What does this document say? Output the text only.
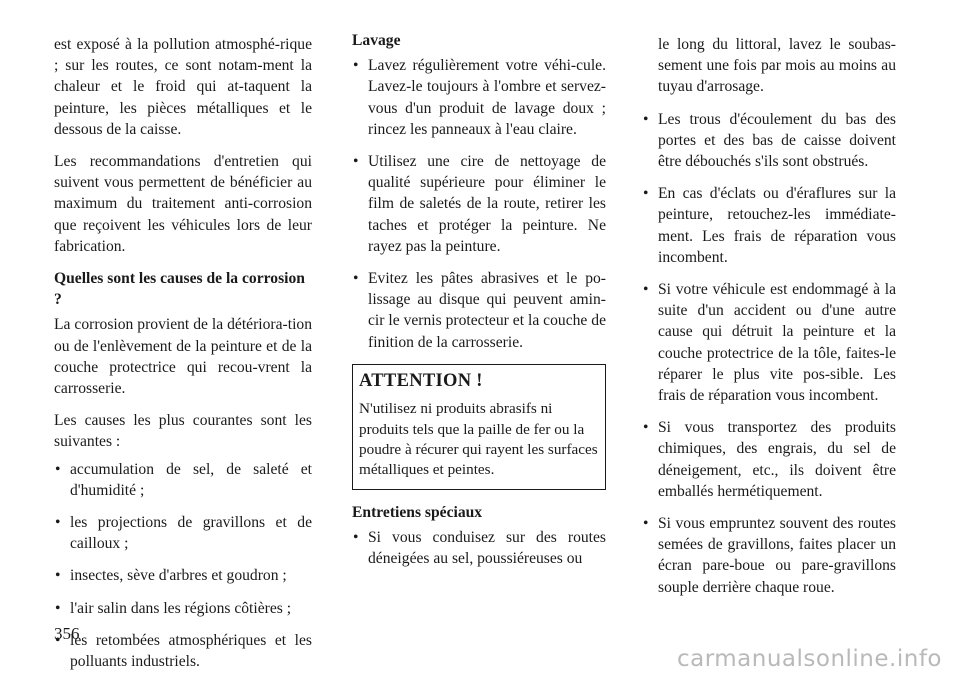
est exposé à la pollution atmosphé-rique ; sur les routes, ce sont notam-ment la chaleur et le froid qui at-taquent la peinture, les pièces métalliques et le dessous de la caisse.

Les recommandations d'entretien qui suivent vous permettent de bénéficier au maximum du traitement anti-corrosion que reçoivent les véhicules lors de leur fabrication.

Quelles sont les causes de la corrosion ?

La corrosion provient de la détériora-tion ou de l'enlèvement de la peinture et de la couche protectrice qui recou-vrent la carrosserie.

Les causes les plus courantes sont les suivantes :

• accumulation de sel, de saleté et d'humidité ;
• les projections de gravillons et de cailloux ;
• insectes, sève d'arbres et goudron ;
• l'air salin dans les régions côtières ;
• les retombées atmosphériques et les polluants industriels.

Lavage

• Lavez régulièrement votre véhi-cule. Lavez-le toujours à l'ombre et servez-vous d'un produit de lavage doux ; rincez les panneaux à l'eau claire.
• Utilisez une cire de nettoyage de qualité supérieure pour éliminer le film de saletés de la route, retirer les taches et protéger la peinture. Ne rayez pas la peinture.
• Evitez les pâtes abrasives et le po-lissage au disque qui peuvent amin-cir le vernis protecteur et la couche de finition de la carrosserie.
ATTENTION !
N'utilisez ni produits abrasifs ni produits tels que la paille de fer ou la poudre à récurer qui rayent les surfaces métalliques et peintes.

Entretiens spéciaux

• Si vous conduisez sur des routes déneigées au sel, poussiéreuses ou
le long du littoral, lavez le soubas-sement une fois par mois au moins au tuyau d'arrosage.
• Les trous d'écoulement du bas des portes et des bas de caisse doivent être débouchés s'ils sont obstrués.
• En cas d'éclats ou d'éraflures sur la peinture, retouchez-les immédiate-ment. Les frais de réparation vous incombent.
• Si votre véhicule est endommagé à la suite d'un accident ou d'une autre cause qui détruit la peinture et la couche protectrice de la tôle, faites-le réparer le plus vite pos-sible. Les frais de réparation vous incombent.
• Si vous transportez des produits chimiques, des engrais, du sel de déneigement, etc., ils doivent être emballés hermétiquement.
• Si vous empruntez souvent des routes semées de gravillons, faites placer un écran pare-boue ou pare-gravillons souple derrière chaque roue.
356
carmanualsonline.info
